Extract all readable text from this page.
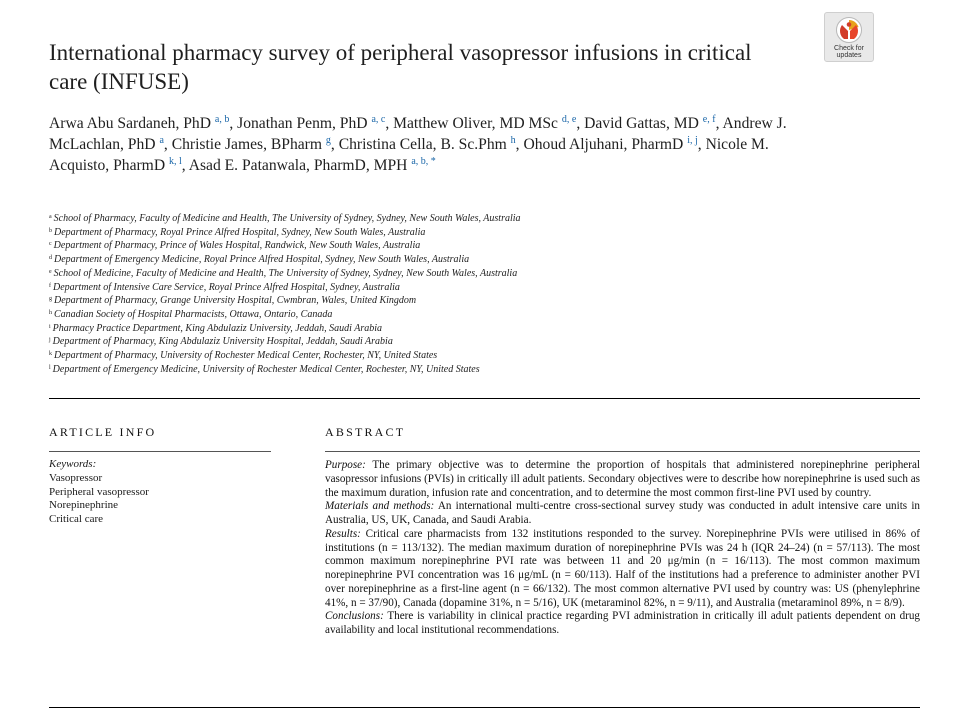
International pharmacy survey of peripheral vasopressor infusions in critical care (INFUSE)
Check for
updates
Arwa Abu Sardaneh, PhD $^{a, b}$, Jonathan Penm, PhD $^{a, c}$, Matthew Oliver, MD MSc $^{d, e}$, David Gattas, MD $^{e, f}$, Andrew J. McLachlan, PhD $^a$, Christie James, BPharm $^g$, Christina Cella, B. Sc.Phm $^h$, Ohoud Aljuhani, PharmD $^{i, j}$, Nicole M. Acquisto, PharmD $^{k, l}$, Asad E. Patanwala, PharmD, MPH $^{a, b, *}$
$^a$ School of Pharmacy, Faculty of Medicine and Health, The University of Sydney, Sydney, New South Wales, Australia
$^b$ Department of Pharmacy, Royal Prince Alfred Hospital, Sydney, New South Wales, Australia
$^c$ Department of Pharmacy, Prince of Wales Hospital, Randwick, New South Wales, Australia
$^d$ Department of Emergency Medicine, Royal Prince Alfred Hospital, Sydney, New South Wales, Australia
$^e$ School of Medicine, Faculty of Medicine and Health, The University of Sydney, Sydney, New South Wales, Australia
$^f$ Department of Intensive Care Service, Royal Prince Alfred Hospital, Sydney, Australia
$^g$ Department of Pharmacy, Grange University Hospital, Cwmbran, Wales, United Kingdom
$^h$ Canadian Society of Hospital Pharmacists, Ottawa, Ontario, Canada
$^i$ Pharmacy Practice Department, King Abdulaziz University, Jeddah, Saudi Arabia
$^j$ Department of Pharmacy, King Abdulaziz University Hospital, Jeddah, Saudi Arabia
$^k$ Department of Pharmacy, University of Rochester Medical Center, Rochester, NY, United States
$^l$ Department of Emergency Medicine, University of Rochester Medical Center, Rochester, NY, United States
ARTICLE INFO	ABSTRACT
Keywords:
Vasopressor
Peripheral vasopressor
Norepinephrine
Critical care

Purpose: The primary objective was to determine the proportion of hospitals that administered norepinephrine peripheral vasopressor infusions (PVIs) in critically ill adult patients. Secondary objectives were to describe how norepinephrine is used such as the maximum duration, infusion rate and concentration, and to determine the most common first-line PVI used by country.

Materials and methods: An international multi-centre cross-sectional survey study was conducted in adult intensive care units in Australia, US, UK, Canada, and Saudi Arabia.

Results: Critical care pharmacists from 132 institutions responded to the survey. Norepinephrine PVIs were utilised in 86% of institutions (n = 113/132). The median maximum duration of norepinephrine PVIs was 24 h (IQR 24–24) (n = 57/113). The most common maximum norepinephrine PVI rate was between 11 and 20 μg/min (n = 16/113). The most common maximum norepinephrine PVI concentration was 16 μg/mL (n = 60/113). Half of the institutions had a preference to administer another PVI over norepinephrine as a first-line agent (n = 66/132). The most common alternative PVI used by country was: US (phenylephrine 41%, n = 37/90), Canada (dopamine 31%, n = 5/16), UK (metaraminol 82%, n = 9/11), and Australia (metaraminol 89%, n = 8/9).

Conclusions: There is variability in clinical practice regarding PVI administration in critically ill adult patients dependent on drug availability and local institutional recommendations.
